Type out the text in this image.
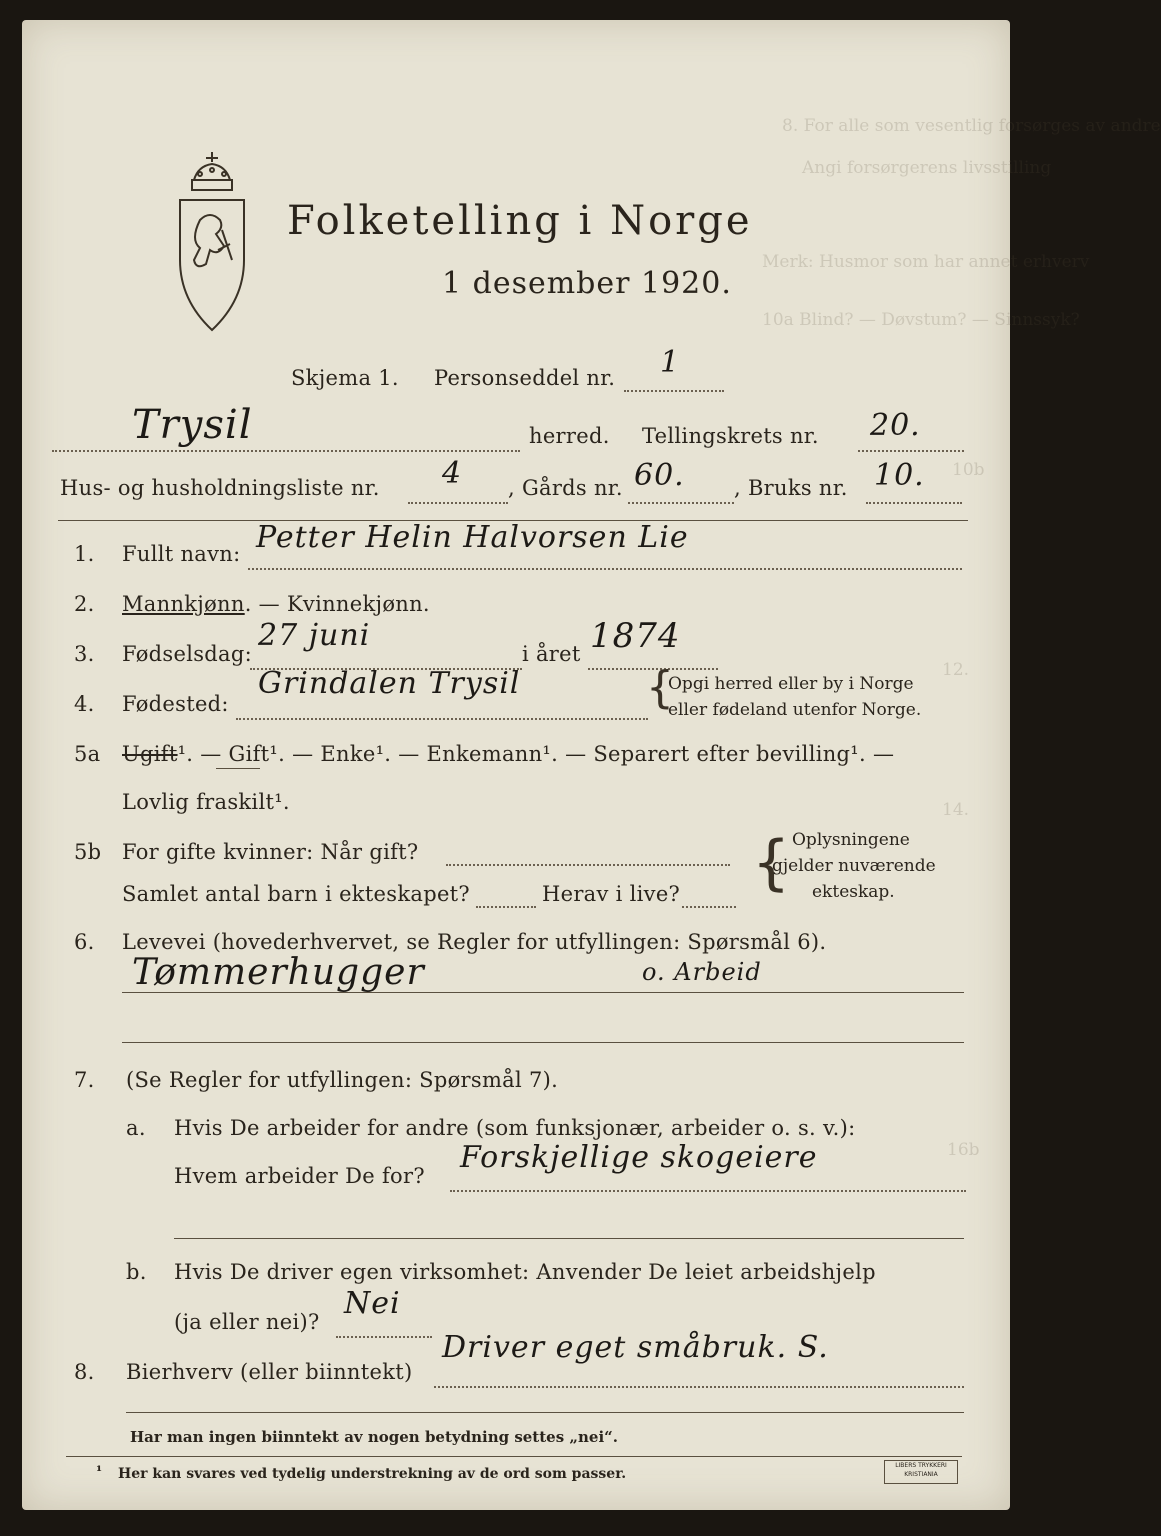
8. For alle som vesentlig forsørges av andre
Angi forsørgerens livsstilling
Merk: Husmor som har annet erhverv
10a Blind? — Døvstum? — Sinnssyk?
10b
12.
14.
16b
Folketelling i Norge
1 desember 1920.
Skjema 1. Personseddel nr. 1
Trysil	herred. Tellingskrets nr. 20.
Hus- og husholdningsliste nr. 4 , Gårds nr. 60. , Bruks nr. 10.
1. Fullt navn: Petter Helin Halvorsen Lie
2. Mannkjønn. — Kvinnekjønn.
3. Fødselsdag:
27 juni
i året 1874
4. Fødested:
Grindalen Trysil	{
Opgi herred eller by i Norge
eller fødeland utenfor Norge.
5a Ugift¹. — Gift¹. — Enke¹. — Enkemann¹. — Separert efter bevilling¹. —
Lovlig fraskilt¹.
5b For gifte kvinner: Når gift?
Samlet antal barn i ekteskapet?	Herav i live? { Oplysningene
gjelder nuværende
ekteskap.
6. Levevei (hovederhvervet, se Regler for utfyllingen: Spørsmål 6).
Tømmerhugger	o. Arbeid
7. (Se Regler for utfyllingen: Spørsmål 7).
a. Hvis De arbeider for andre (som funksjonær, arbeider o. s. v.):
Hvem arbeider De for?
Forskjellige skogeiere
b. Hvis De driver egen virksomhet: Anvender De leiet arbeidshjelp
(ja eller nei)?
Nei
8. Bierhverv (eller biinntekt)
Driver eget småbruk. S.
Har man ingen biinntekt av nogen betydning settes „nei“.
¹ Her kan svares ved tydelig understrekning av de ord som passer.
LIBERS TRYKKERI KRISTIANIA
